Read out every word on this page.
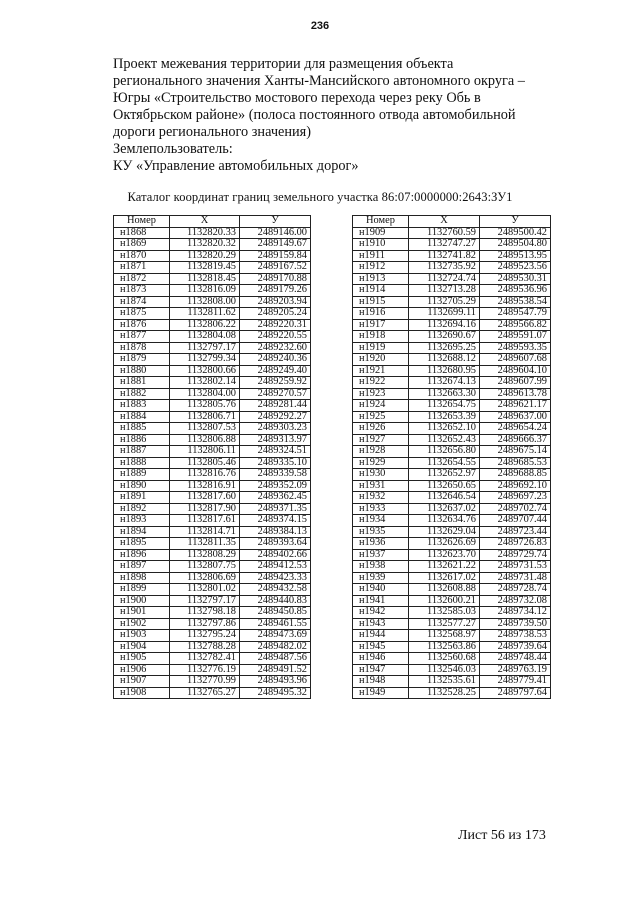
236
Проект межевания территории для размещения объекта
регионального значения Ханты-Мансийского автономного округа –
Югры «Строительство мостового перехода через реку Обь в
Октябрьском районе» (полоса постоянного отвода автомобильной
дороги регионального значения)
Землепользователь:
КУ «Управление автомобильных дорог»
Каталог координат границ земельного участка 86:07:0000000:2643:ЗУ1
Номер	X	У
н1868	1132820.33	2489146.00
н1869	1132820.32	2489149.67
н1870	1132820.29	2489159.84
н1871	1132819.45	2489167.52
н1872	1132818.45	2489170.88
н1873	1132816.09	2489179.26
н1874	1132808.00	2489203.94
н1875	1132811.62	2489205.24
н1876	1132806.22	2489220.31
н1877	1132804.08	2489220.55
н1878	1132797.17	2489232.60
н1879	1132799.34	2489240.36
н1880	1132800.66	2489249.40
н1881	1132802.14	2489259.92
н1882	1132804.00	2489270.57
н1883	1132805.76	2489281.44
н1884	1132806.71	2489292.27
н1885	1132807.53	2489303.23
н1886	1132806.88	2489313.97
н1887	1132806.11	2489324.51
н1888	1132805.46	2489335.10
н1889	1132816.76	2489339.58
н1890	1132816.91	2489352.09
н1891	1132817.60	2489362.45
н1892	1132817.90	2489371.35
н1893	1132817.61	2489374.15
н1894	1132814.71	2489384.13
н1895	1132811.35	2489393.64
н1896	1132808.29	2489402.66
н1897	1132807.75	2489412.53
н1898	1132806.69	2489423.33
н1899	1132801.02	2489432.58
н1900	1132797.17	2489440.83
н1901	1132798.18	2489450.85
н1902	1132797.86	2489461.55
н1903	1132795.24	2489473.69
н1904	1132788.28	2489482.02
н1905	1132782.41	2489487.56
н1906	1132776.19	2489491.52
н1907	1132770.99	2489493.96
н1908	1132765.27	2489495.32
Номер	X	У
н1909	1132760.59	2489500.42
н1910	1132747.27	2489504.80
н1911	1132741.82	2489513.95
н1912	1132735.92	2489523.56
н1913	1132724.74	2489530.31
н1914	1132713.28	2489536.96
н1915	1132705.29	2489538.54
н1916	1132699.11	2489547.79
н1917	1132694.16	2489566.82
н1918	1132690.67	2489591.07
н1919	1132695.25	2489593.35
н1920	1132688.12	2489607.68
н1921	1132680.95	2489604.10
н1922	1132674.13	2489607.99
н1923	1132663.30	2489613.78
н1924	1132654.75	2489621.17
н1925	1132653.39	2489637.00
н1926	1132652.10	2489654.24
н1927	1132652.43	2489666.37
н1928	1132656.80	2489675.14
н1929	1132654.55	2489685.53
н1930	1132652.97	2489688.85
н1931	1132650.65	2489692.10
н1932	1132646.54	2489697.23
н1933	1132637.02	2489702.74
н1934	1132634.76	2489707.44
н1935	1132629.04	2489723.44
н1936	1132626.69	2489726.83
н1937	1132623.70	2489729.74
н1938	1132621.22	2489731.53
н1939	1132617.02	2489731.48
н1940	1132608.88	2489728.74
н1941	1132600.21	2489732.08
н1942	1132585.03	2489734.12
н1943	1132577.27	2489739.50
н1944	1132568.97	2489738.53
н1945	1132563.86	2489739.64
н1946	1132560.68	2489748.44
н1947	1132546.03	2489763.19
н1948	1132535.61	2489779.41
н1949	1132528.25	2489797.64
Лист 56 из 173
